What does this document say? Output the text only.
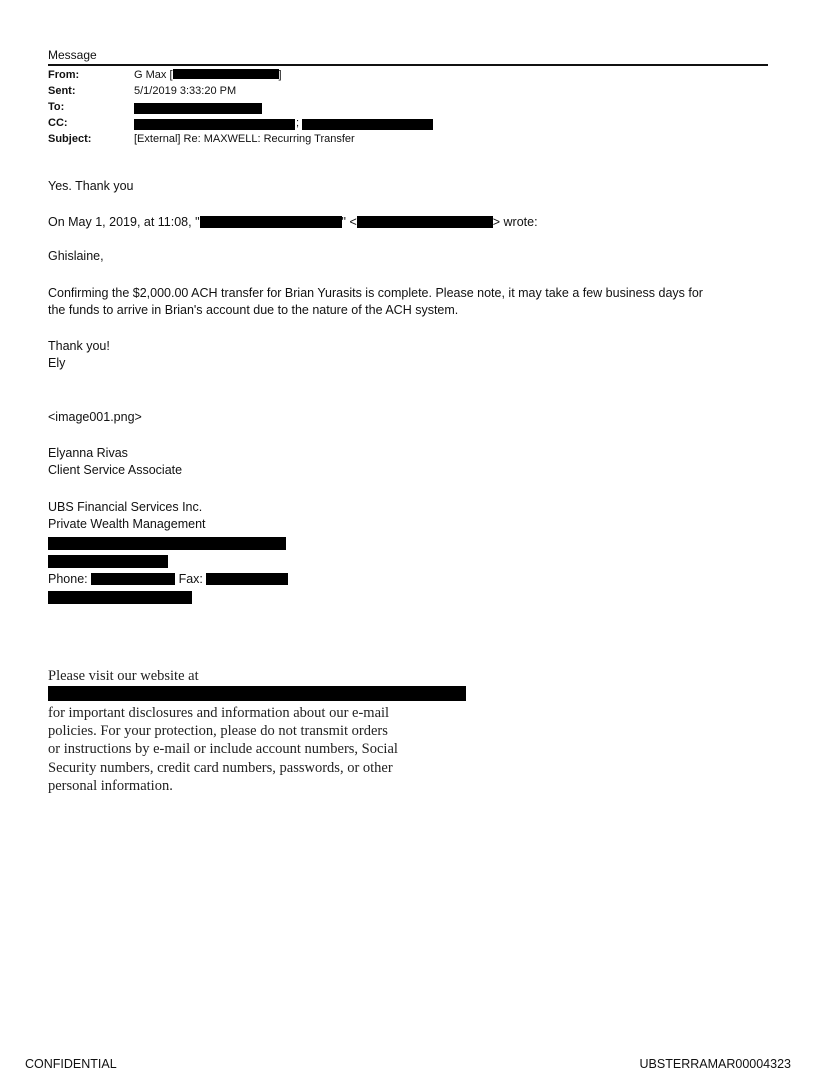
Message
From:	G Max [	]
Sent:	5/1/2019 3:33:20 PM
To:
CC:	;
Subject:	[External] Re: MAXWELL: Recurring Transfer
Yes. Thank you
On May 1, 2019, at 11:08, "	" <	> wrote:
Ghislaine,
Confirming the $2,000.00 ACH transfer for Brian Yurasits is complete. Please note, it may take a few business days for
the funds to arrive in Brian's account due to the nature of the ACH system.
Thank you!
Ely
<image001.png>
Elyanna Rivas
Client Service Associate
UBS Financial Services Inc.
Private Wealth Management
Phone:	Fax:
Please visit our website at
for important disclosures and information about our e-mail
policies. For your protection, please do not transmit orders
or instructions by e-mail or include account numbers, Social
Security numbers, credit card numbers, passwords, or other
personal information.
CONFIDENTIAL	UBSTERRAMAR00004323
